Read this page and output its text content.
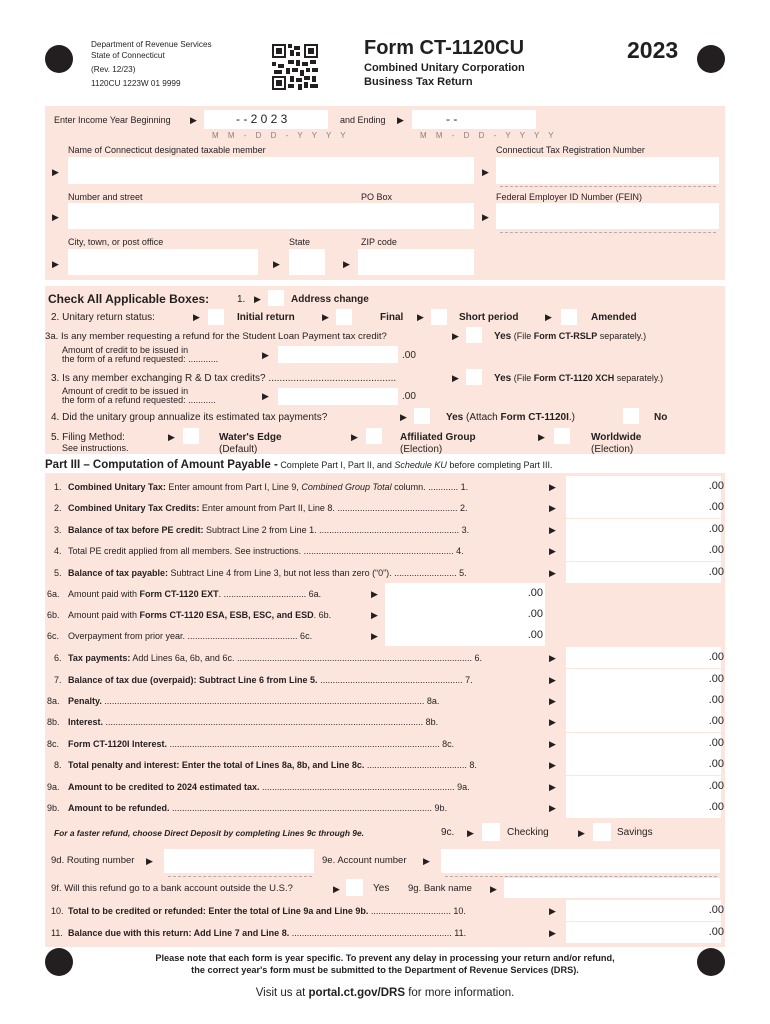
Department of Revenue Services
State of Connecticut
(Rev. 12/23)
1120CU 1223W 01 9999
Form CT-1120CU
Combined Unitary Corporation
Business Tax Return
2023
Enter Income Year Beginning ▶	- - 2 0 2 3
M M - D D - Y Y Y Y
and Ending ▶	- -
M M - D D - Y Y Y Y
Name of Connecticut designated taxable member
▶
Connecticut Tax Registration Number
▶
Number and street	PO Box
▶
Federal Employer ID Number (FEIN)
▶
City, town, or post office	State	ZIP code
▶	▶	▶
Check All Applicable Boxes:	1. ▶	Address change
2. Unitary return status:	▶	Initial return	▶	Final ▶	Short period	▶	Amended
3a. Is any member requesting a refund for the Student Loan Payment tax credit?	▶	Yes (File Form CT-RSLP separately.)
Amount of credit to be issued in
the form of a refund requested: ............	▶	.00
3. Is any member exchanging R & D tax credits? ..............................................	▶	Yes (File Form CT-1120 XCH separately.)
Amount of credit to be issued in
the form of a refund requested: ...........	▶	.00
4. Did the unitary group annualize its estimated tax payments?	▶	Yes (Attach Form CT-1120I.)	No
5. Filing Method:
See instructions.
▶	Water's Edge
(Default)
▶	Affiliated Group
(Election)
▶	Worldwide
(Election)
Part III – Computation of Amount Payable - Complete Part I, Part II, and Schedule KU before completing Part III.
1. Combined Unitary Tax: Enter amount from Part I, Line 9, Combined Group Total column. ............ 1.	▶	.00
2. Combined Unitary Tax Credits: Enter amount from Part II, Line 8. ................................................ 2.	▶	.00
3. Balance of tax before PE credit: Subtract Line 2 from Line 1. ........................................................ 3.	▶	.00
4. Total PE credit applied from all members. See instructions. ............................................................ 4.	▶	.00
5. Balance of tax payable: Subtract Line 4 from Line 3, but not less than zero (“0”). ......................... 5.	▶	.00
6a. Amount paid with Form CT-1120 EXT. ................................. 6a.	▶	.00
6b. Amount paid with Forms CT-1120 ESA, ESB, ESC, and ESD. 6b.	▶	.00
6c. Overpayment from prior year. ............................................ 6c.	▶	.00
6. Tax payments: Add Lines 6a, 6b, and 6c. .............................................................................................. 6.	▶	.00
7. Balance of tax due (overpaid): Subtract Line 6 from Line 5. ......................................................... 7.	▶	.00
8a. Penalty. ................................................................................................................................ 8a.	▶	.00
8b. Interest. ............................................................................................................................... 8b.	▶	.00
8c. Form CT-1120I Interest. ............................................................................................................ 8c.	▶	.00
8. Total penalty and interest: Enter the total of Lines 8a, 8b, and Line 8c. ........................................ 8.	▶	.00
9a. Amount to be credited to 2024 estimated tax. ............................................................................. 9a.	▶	.00
9b. Amount to be refunded. ........................................................................................................ 9b.	▶	.00
For a faster refund, choose Direct Deposit by completing Lines 9c through 9e.	9c. ▶	Checking	▶	Savings
9d. Routing number ▶	9e. Account number ▶
9f. Will this refund go to a bank account outside the U.S.?	▶	Yes 9g. Bank name ▶
10. Total to be credited or refunded: Enter the total of Line 9a and Line 9b. ................................ 10.	▶	.00
11. Balance due with this return: Add Line 7 and Line 8. ................................................................ 11.	▶	.00
Please note that each form is year specific. To prevent any delay in processing your return and/or refund,
the correct year's form must be submitted to the Department of Revenue Services (DRS).
Visit us at portal.ct.gov/DRS for more information.
